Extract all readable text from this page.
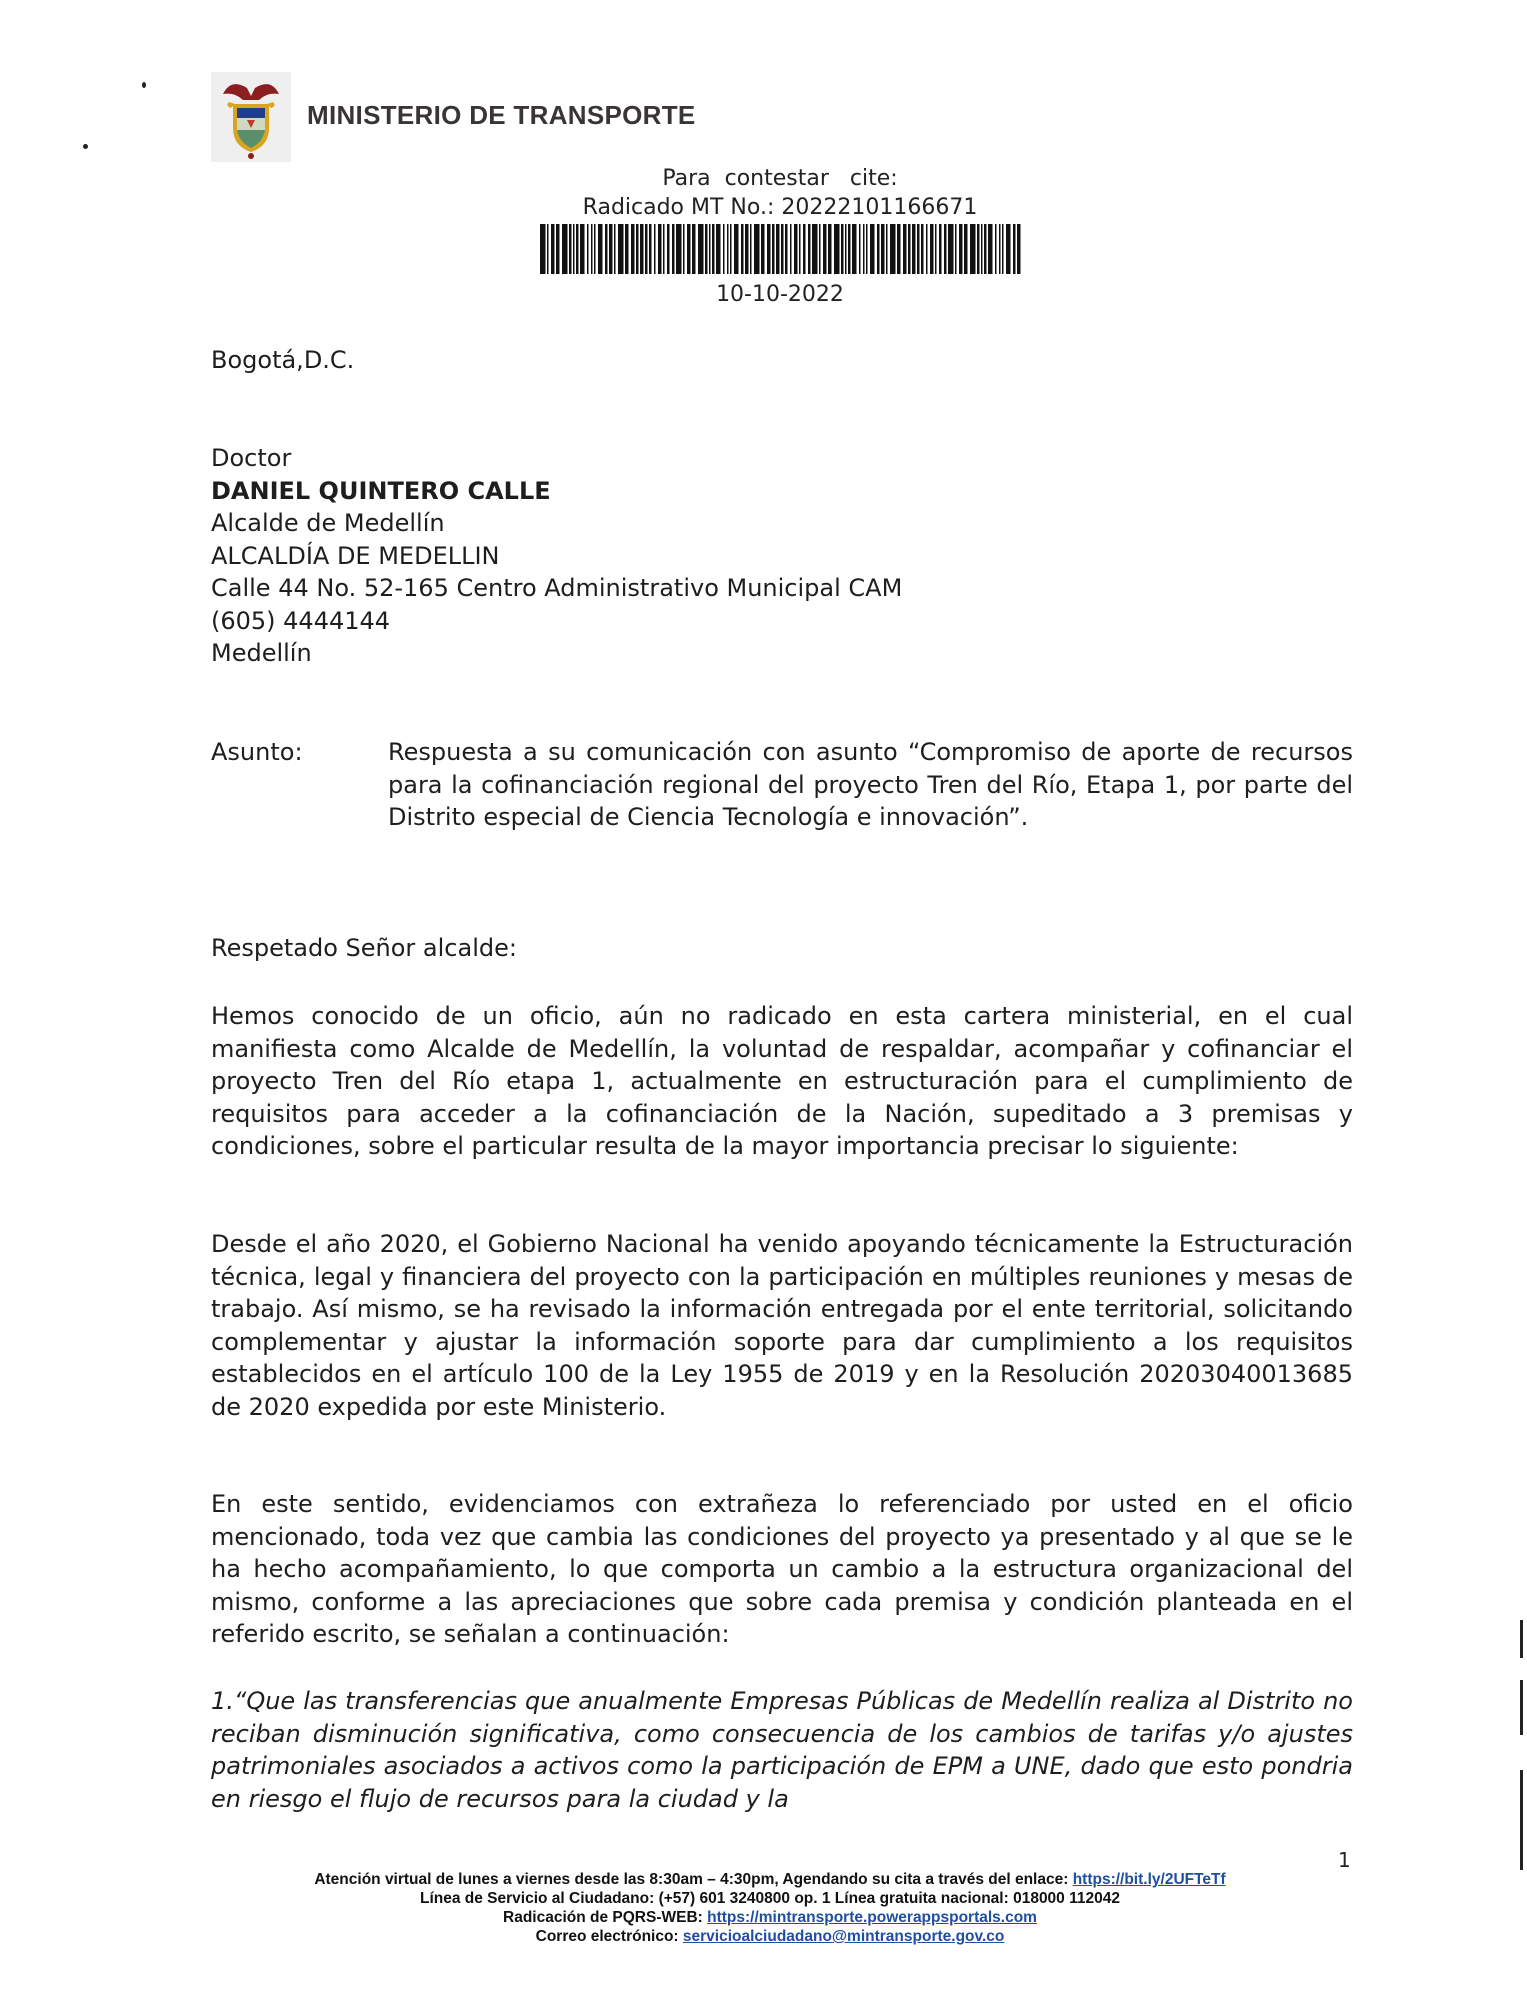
MINISTERIO DE TRANSPORTE
Para  contestar   cite:
Radicado MT No.: 20222101166671
10-10-2022
Bogotá,D.C.
Doctor
DANIEL QUINTERO CALLE
Alcalde de Medellín
ALCALDÍA DE MEDELLIN
Calle 44 No. 52-165 Centro Administrativo Municipal CAM
(605) 4444144
Medellín
Asunto:	Respuesta a su comunicación con asunto “Compromiso de aporte de recursos para la cofinanciación regional del proyecto Tren del Río, Etapa 1, por parte del Distrito especial de Ciencia Tecnología e innovación”.
Respetado Señor alcalde:
Hemos conocido de un oficio, aún no radicado en esta cartera ministerial, en el cual manifiesta como Alcalde de Medellín, la voluntad de respaldar, acompañar y cofinanciar el proyecto Tren del Río etapa 1, actualmente en estructuración para el cumplimiento de requisitos para acceder a la cofinanciación de la Nación, supeditado a 3 premisas y condiciones, sobre el particular resulta de la mayor importancia precisar lo siguiente:
Desde el año 2020, el Gobierno Nacional ha venido apoyando técnicamente la Estructuración técnica, legal y financiera del proyecto con la participación en múltiples reuniones y mesas de trabajo. Así mismo, se ha revisado la información entregada por el ente territorial, solicitando complementar y ajustar la información soporte para dar cumplimiento a los requisitos establecidos en el artículo 100 de la Ley 1955 de 2019 y en la Resolución 20203040013685 de 2020 expedida por este Ministerio.
En este sentido, evidenciamos con extrañeza lo referenciado por usted en el oficio mencionado, toda vez que cambia las condiciones del proyecto ya presentado y al que se le ha hecho acompañamiento, lo que comporta un cambio a la estructura organizacional del mismo, conforme a las apreciaciones que sobre cada premisa y condición planteada en el referido escrito, se señalan a continuación:
1.“Que las transferencias que anualmente Empresas Públicas de Medellín realiza al Distrito no reciban disminución significativa, como consecuencia de los cambios de tarifas y/o ajustes patrimoniales asociados a activos como la participación de EPM a UNE, dado que esto pondria en riesgo el flujo de recursos para la ciudad y la
1
Atención virtual de lunes a viernes desde las 8:30am – 4:30pm, Agendando su cita a través del enlace: https://bit.ly/2UFTeTf
Línea de Servicio al Ciudadano: (+57) 601 3240800 op. 1 Línea gratuita nacional: 018000 112042
Radicación de PQRS-WEB: https://mintransporte.powerappsportals.com
Correo electrónico: servicioalciudadano@mintransporte.gov.co
